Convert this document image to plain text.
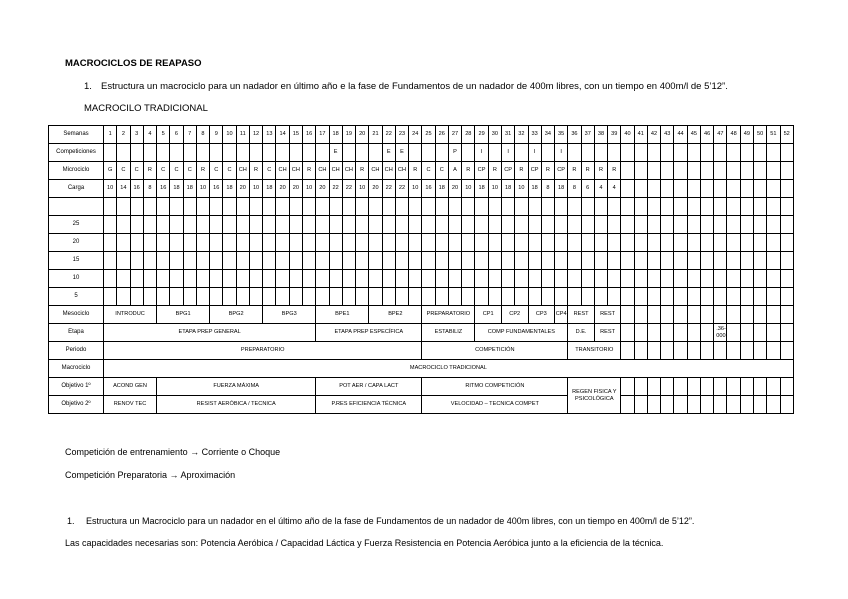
MACROCICLOS DE REAPASO
1. Estructura un macrociclo para un nadador en último año e la fase de Fundamentos de un nadador de 400m libres, con un tiempo en 400m/l de 5’12”.
MACROCILO TRADICIONAL
Semanas	1	2	3	4	5	6	7	8	9	10	11	12	13	14	15	16	17	18	19	20	21	22	23	24	25	26	27	28	29	30	31	32	33	34	35	36	37	38	39	40	41	42	43	44	45	46	47	48	49	50	51	52
Competiciones																		E				E	E				P		I		I		I		I																	
Microciclo	G	C	C	R	C	C	C	R	C	C	CH	R	C	CH	CH	R	CH	CH	CH	R	CH	CH	CH	R	C	C	A	R	CP	R	CP	R	CP	R	CP	R	R	R	R													
Carga	10	14	16	8	16	18	18	10	16	18	20	10	18	20	20	10	20	22	22	10	20	22	22	10	16	18	20	10	18	10	18	10	18	8	18	8	6	4	4													

25																																																				
20																																																				
15																																																				
10																																																				
5																																																				
Mesociclo	INTRODUC				BPG1				BPG2				BPG3				BPE1				BPE2				PREPARATORIO				CP1		CP2		CP3		CP4	REST		REST														
Etapa	ETAPA PREP GENERAL																ETAPA PREP ESPECÍFICA								ESTABILIZ				COMP FUNDAMENTALES							D.E.		REST									.36-000					
Periodo	PREPARATORIO																								COMPETICIÓN											TRANSITORIO																
Macrociclo	MACROCICLO TRADICIONAL																																																			
Objetivo 1º	ACOND GEN				FUERZA MÁXIMA												POT AER / CAPA LACT								RITMO COMPETICIÓN											REGEN FISICA Y PSICOLÓGICA																
Objetivo 2º	RENOV TEC				RESIST AERÓBICA / TECNICA												P.RES EFICIENCIA TÉCNICA								VELOCIDAD – TECNICA COMPET																											
Competición de entrenamiento → Corriente o Choque
Competición Preparatoria → Aproximación
1. Estructura un Macrociclo para un nadador en el último año de la fase de Fundamentos de un nadador de 400m libres, con un tiempo en 400m/l de 5’12”.
Las capacidades necesarias son: Potencia Aeróbica / Capacidad Láctica y Fuerza Resistencia en Potencia Aeróbica junto a la eficiencia de la técnica.
